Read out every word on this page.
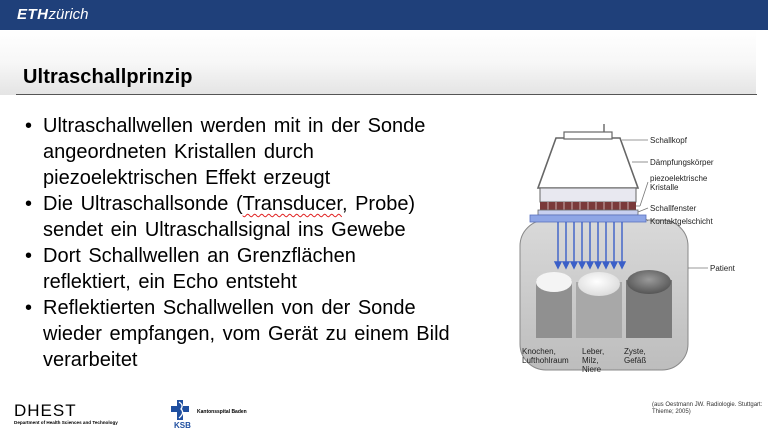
ETHzürich
Ultraschallprinzip
• Ultraschallwellen werden mit in der Sonde
angeordneten Kristallen durch
piezoelektrischen Effekt erzeugt
• Die Ultraschallsonde (Transducer, Probe)
sendet ein Ultraschallsignal ins Gewebe
• Dort Schallwellen an Grenzflächen
reflektiert, ein Echo entsteht
• Reflektierten Schallwellen von der Sonde
wieder empfangen, vom Gerät zu einem Bild
verarbeitet
Schallkopf
Dämpfungskörper
piezoelektrische
Kristalle
Schallfenster
Kontaktgelschicht
Patient
Knochen,
Lufthohlraum
Leber,
Milz,
Niere
Zyste,
Gefäß
DHEST
Department of Health Sciences and Technology	KSB
Kantonsspital Baden
(aus Oestmann JW. Radiologie. Stuttgart:
Thieme; 2005)
